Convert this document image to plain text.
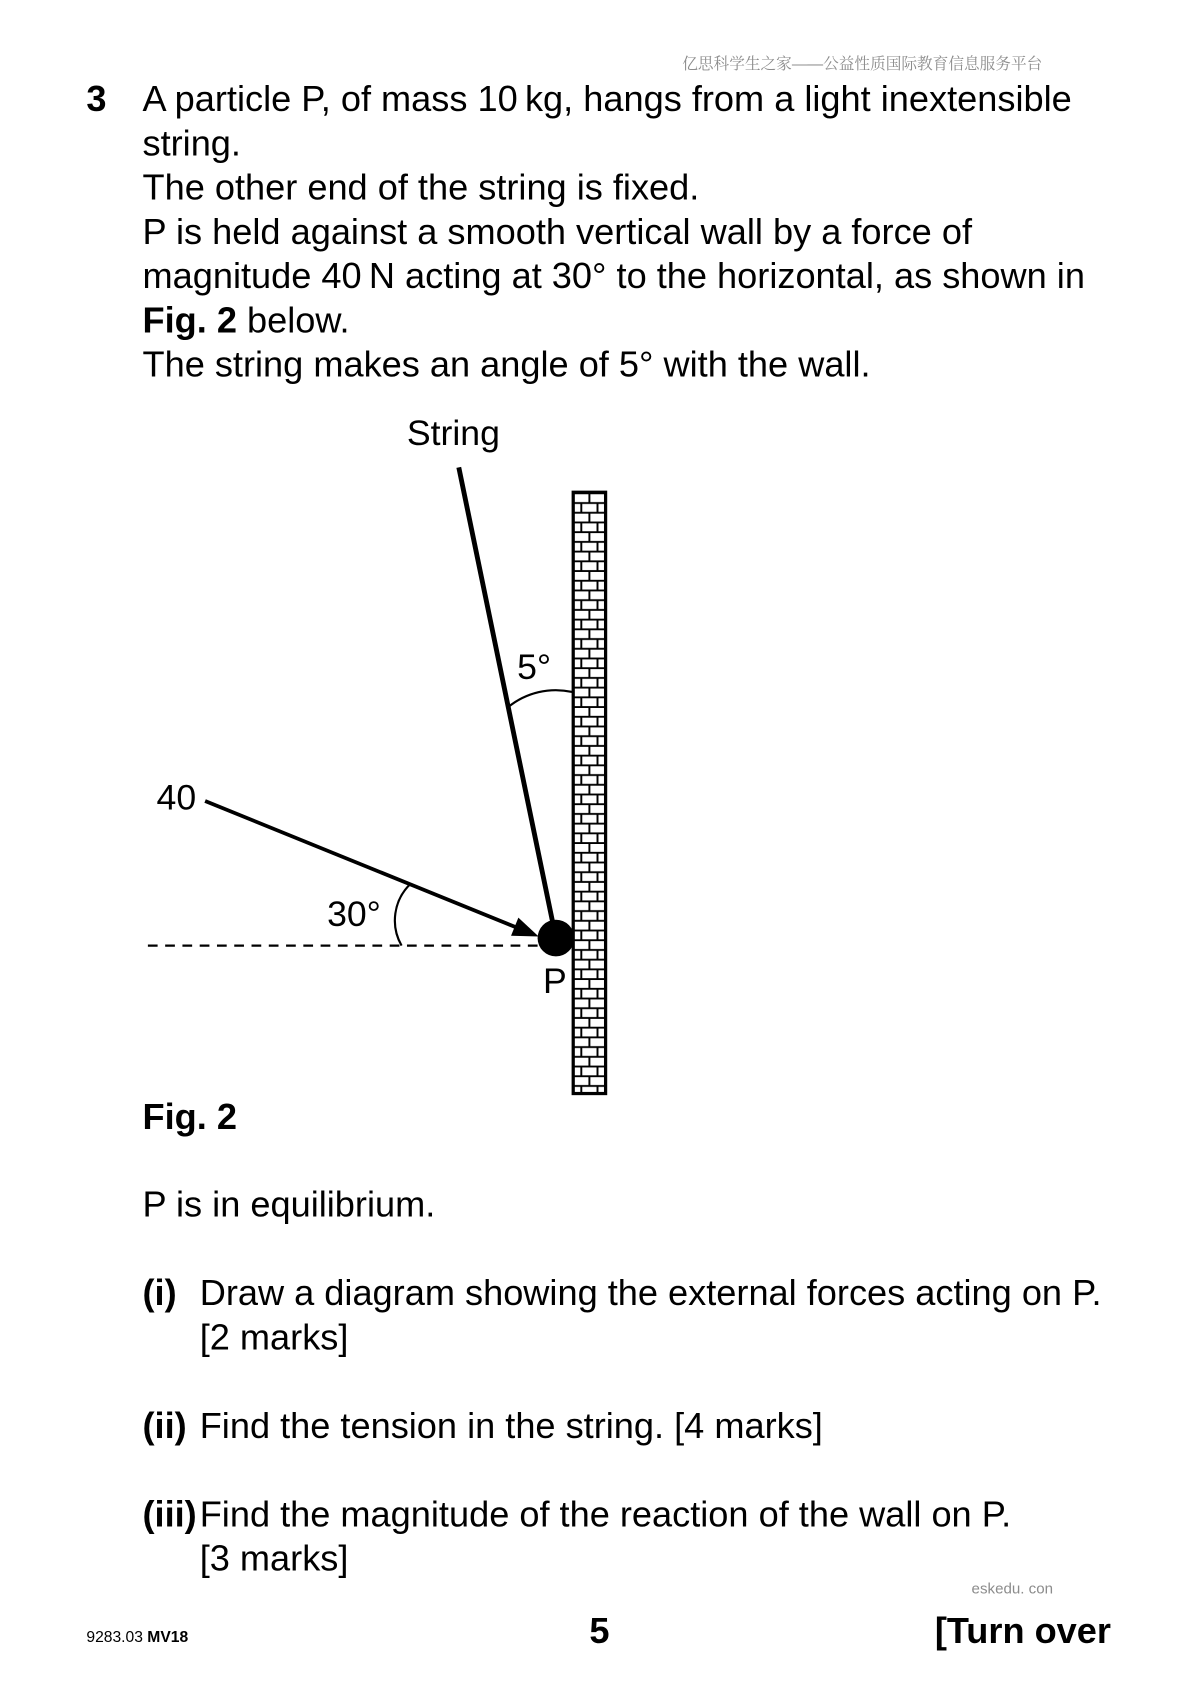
亿思科学生之家——公益性质国际教育信息服务平台
3 A particle P, of mass 10 kg, hangs from a light inextensible
string.
The other end of the string is fixed.
P is held against a smooth vertical wall by a force of
magnitude 40 N acting at 30° to the horizontal, as shown in
Fig. 2 below.
The string makes an angle of 5° with the wall.
String
5°
40
30°
P
Fig. 2
P is in equilibrium.
(i) Draw a diagram showing the external forces acting on P.
[2 marks]
(ii) Find the tension in the string. [4 marks]
(iii) Find the magnitude of the reaction of the wall on P.
[3 marks]
eskedu. con
9283.03 MV18	5	[Turn over
